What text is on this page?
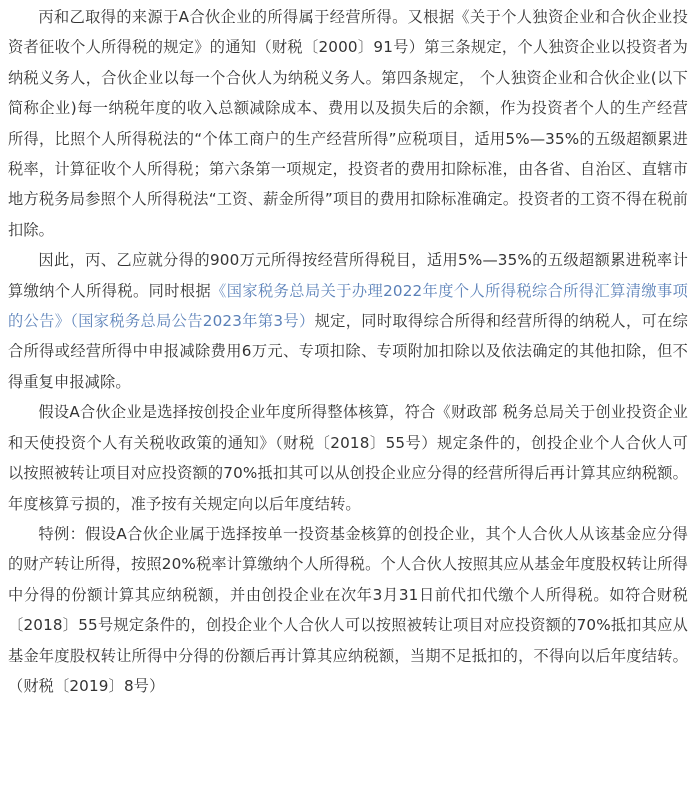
丙和乙取得的来源于A合伙企业的所得属于经营所得。又根据《关于个人独资企业和合伙企业投资者征收个人所得税的规定》的通知（财税〔2000〕91号）第三条规定，个人独资企业以投资者为纳税义务人，合伙企业以每一个合伙人为纳税义务人。第四条规定， 个人独资企业和合伙企业(以下简称企业)每一纳税年度的收入总额减除成本、费用以及损失后的余额，作为投资者个人的生产经营所得，比照个人所得税法的“个体工商户的生产经营所得”应税项目，适用5%—35%的五级超额累进税率，计算征收个人所得税；第六条第一项规定，投资者的费用扣除标准，由各省、自治区、直辖市地方税务局参照个人所得税法“工资、薪金所得”项目的费用扣除标准确定。投资者的工资不得在税前扣除。

因此，丙、乙应就分得的900万元所得按经营所得税目，适用5%—35%的五级超额累进税率计算缴纳个人所得税。同时根据《国家税务总局关于办理2022年度个人所得税综合所得汇算清缴事项的公告》（国家税务总局公告2023年第3号）规定，同时取得综合所得和经营所得的纳税人，可在综合所得或经营所得中申报减除费用6万元、专项扣除、专项附加扣除以及依法确定的其他扣除，但不得重复申报减除。

假设A合伙企业是选择按创投企业年度所得整体核算，符合《财政部 税务总局关于创业投资企业和天使投资个人有关税收政策的通知》（财税〔2018〕55号）规定条件的，创投企业个人合伙人可以按照被转让项目对应投资额的70%抵扣其可以从创投企业应分得的经营所得后再计算其应纳税额。年度核算亏损的，准予按有关规定向以后年度结转。

特例：假设A合伙企业属于选择按单一投资基金核算的创投企业，其个人合伙人从该基金应分得的财产转让所得，按照20%税率计算缴纳个人所得税。个人合伙人按照其应从基金年度股权转让所得中分得的份额计算其应纳税额，并由创投企业在次年3月31日前代扣代缴个人所得税。如符合财税〔2018〕55号规定条件的，创投企业个人合伙人可以按照被转让项目对应投资额的70%抵扣其应从基金年度股权转让所得中分得的份额后再计算其应纳税额，当期不足抵扣的，不得向以后年度结转。（财税〔2019〕8号）
